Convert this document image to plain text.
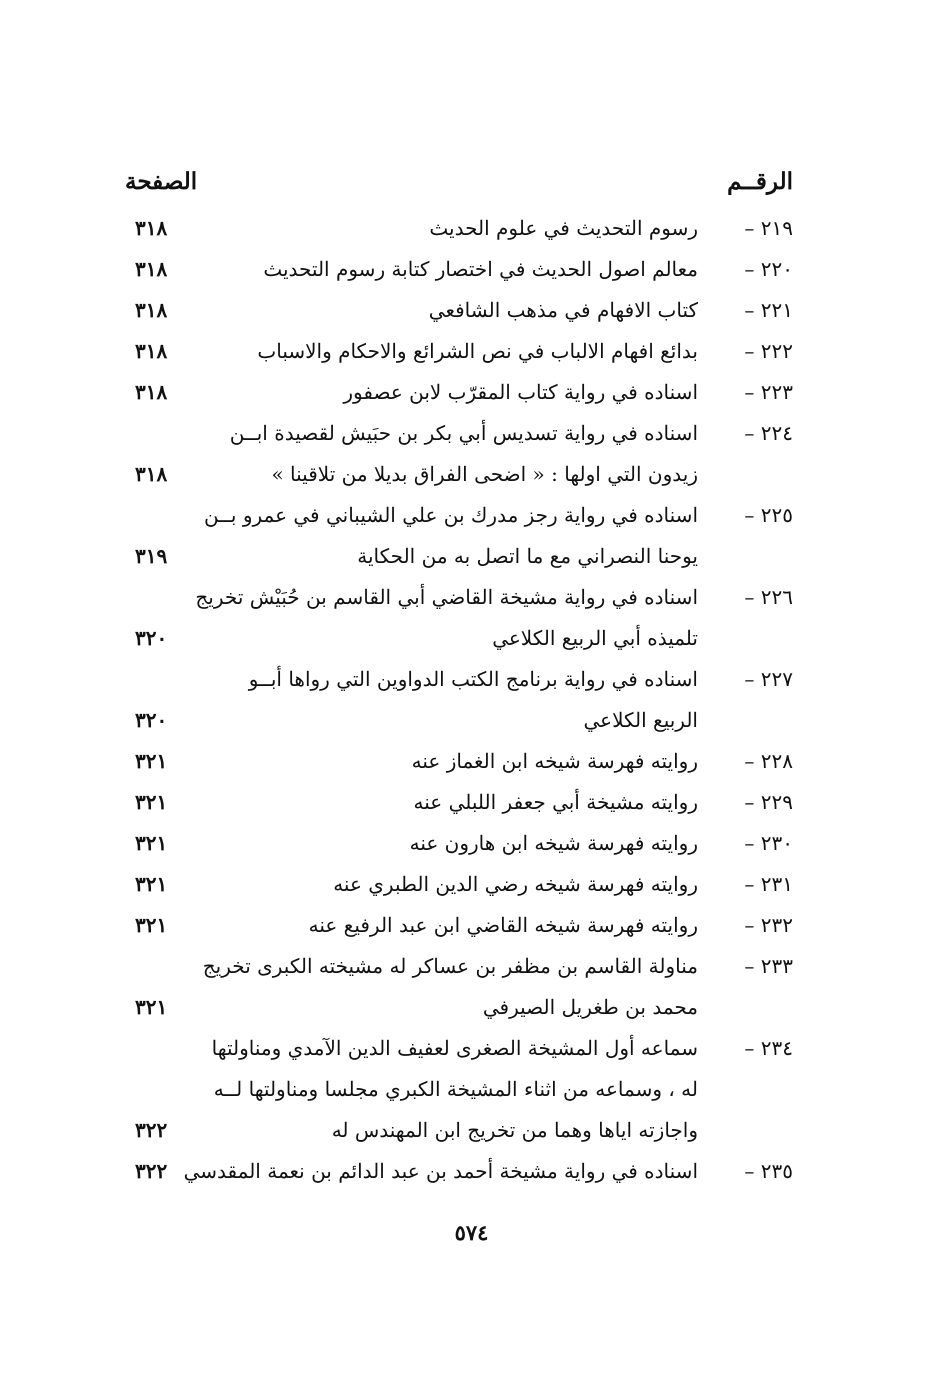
الرقــم
الصفحة
٢١٩ –
رسوم التحديث في علوم الحديث
٣١٨
٢٢٠ –
معالم اصول الحديث في اختصار كتابة رسوم التحديث
٣١٨
٢٢١ –
كتاب الافهام في مذهب الشافعي
٣١٨
٢٢٢ –
بدائع افهام الالباب في نص الشرائع والاحكام والاسباب
٣١٨
٢٢٣ –
اسناده في رواية كتاب المقرّب لابن عصفور
٣١٨
٢٢٤ –
اسناده في رواية تسديس أبي بكر بن حبَيش لقصيدة ابــن
زيدون التي اولها : « اضحى الفراق بديلا من تلاقينا »
٣١٨
٢٢٥ –
اسناده في رواية رجز مدرك بن علي الشيباني في عمرو بــن
يوحنا النصراني مع ما اتصل به من الحكاية
٣١٩
٢٢٦ –
اسناده في رواية مشيخة القاضي أبي القاسم بن حُبَيْش تخريج
تلميذه أبي الربيع الكلاعي
٣٢٠
٢٢٧ –
اسناده في رواية برنامج الكتب الدواوين التي رواها أبــو
الربيع الكلاعي
٣٢٠
٢٢٨ –
روايته فهرسة شيخه ابن الغماز عنه
٣٢١
٢٢٩ –
روايته مشيخة أبي جعفر اللبلي عنه
٣٢١
٢٣٠ –
روايته فهرسة شيخه ابن هارون عنه
٣٢١
٢٣١ –
روايته فهرسة شيخه رضي الدين الطبري عنه
٣٢١
٢٣٢ –
روايته فهرسة شيخه القاضي ابن عبد الرفيع عنه
٣٢١
٢٣٣ –
مناولة القاسم بن مظفر بن عساكر له مشيخته الكبرى تخريج
محمد بن طغريل الصيرفي
٣٢١
٢٣٤ –
سماعه أول المشيخة الصغرى لعفيف الدين الآمدي ومناولتها
له ، وسماعه من اثناء المشيخة الكبري مجلسا ومناولتها لــه
واجازته اياها وهما من تخريج ابن المهندس له
٣٢٢
٢٣٥ –
اسناده في رواية مشيخة أحمد بن عبد الدائم بن نعمة المقدسي
٣٢٢
٥٧٤
